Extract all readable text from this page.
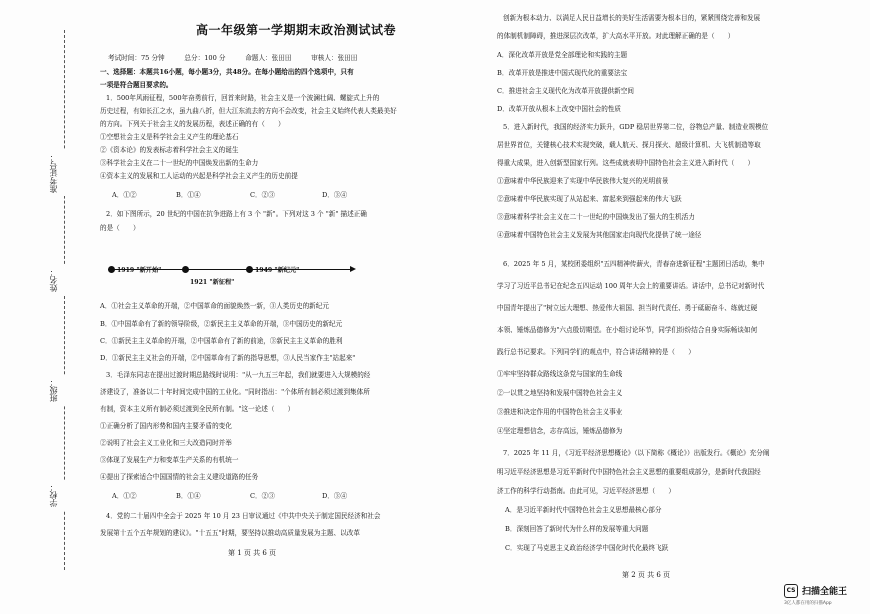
准考证号：
姓名：
班级：
学校：
高一年级第一学期期末政治测试试卷
考试时间：75 分钟　　　总分：100 分　　　命题人：张田田　　　审核人：张田田
一、选择题：本题共16小题，每小题3分，共48分。在每小题给出的四个选项中，只有
一项是符合题目要求的。
1．500年风雨征程，500年奋勇前行，回首来时路，社会主义是一个波澜壮阔、螺旋式上升的
历史过程，有如长江之水，虽九曲八折，但大江东流去的方向不会改变，社会主义始终代表人类最美好
的方向。下列关于社会主义的发展历程，表述正确的有（　　）
①空想社会主义是科学社会主义产生的理论基石
②《资本论》的发表标志着科学社会主义的诞生
③科学社会主义在二十一世纪的中国焕发出新的生命力
④资本主义的发展和工人运动的兴起是科学社会主义产生的历史前提
A．①②	B．①④	C．②③	D．③④
2．如下图所示，20 世纪的中国在抗争进路上有 3 个 "新"。下列对这 3 个 "新" 描述正确
的是（　　）
1919 "新开始"
1921 "新征程"
1949 "新纪元"
A．①社会主义革命的开端，②中国革命的面貌焕然一新，③人类历史的新纪元
B．①中国革命有了新的领导阶级，②新民主主义革命的开端，③中国历史的新纪元
C．①新民主主义革命的开端，②中国革命有了新的前途，③新民主主义革命的胜利
D．①新民主主义社会的开端，②中国革命有了新的指导思想，③人民当家作主"站起来"
3．毛泽东同志在提出过渡时期总路线时说明："从一九五三年起，我们就要进入大规模的经
济建设了，准备以二十年时间完成中国的工业化。"同时指出："个体所有制必须过渡到集体所
有制，资本主义所有制必须过渡到全民所有制。"这一论述（　　）
①正确分析了国内形势和国内主要矛盾的变化
②说明了社会主义工业化和三大改造同时并举
③体现了发展生产力和变革生产关系的有机统一
④提出了探索适合中国国情的社会主义建设道路的任务
A．①②	B．①④	C．②③	D．③④
4．党的二十届四中全会于 2025 年 10 月 23 日审议通过《中共中央关于制定国民经济和社会
发展第十五个五年规划的建议》。"十五五"时期，要坚持以推动高质量发展为主题、以改革
第 1 页 共 6 页
创新为根本动力、以满足人民日益增长的美好生活需要为根本目的，紧紧围绕完善和发展
的体制机制障碍，推进深层次改革，扩大高水平开放。对此理解正确的是（　　）
A．深化改革开放是党全部理论和实践的主题
B．改革开放是推进中国式现代化的重要法宝
C．推进社会主义现代化为改革开放提供新空间
D．改革开放从根本上改变中国社会的性质
5．进入新时代，我国的经济实力跃升，GDP 稳居世界第二位，谷物总产量、制造业规模位
居世界首位，关键核心技术实现突破，载人航天、探月探火、超级计算机、大飞机制造等取
得重大成果，进入创新型国家行列。这些成就表明中国特色社会主义进入新时代（　　）
①意味着中华民族迎来了实现中华民族伟大复兴的光明前景
②意味着中华民族实现了从站起来、富起来到强起来的伟大飞跃
③意味着科学社会主义在二十一世纪的中国焕发出了强大的生机活力
④意味着中国特色社会主义发展为其他国家走向现代化提供了统一途径
6．2025 年 5 月，某校团委组织"五四精神传薪火，青春奋进新征程"主题团日活动，集中
学习了习近平总书记在纪念五四运动 100 周年大会上的重要讲话。讲话中，总书记对新时代
中国青年提出了"树立远大理想、热爱伟大祖国、担当时代责任、勇于砥砺奋斗、练就过硬
本领、锤炼品德修为"六点殷切期望。在小组讨论环节，同学们纷纷结合自身实际畅谈如何
践行总书记要求。下列同学们的观点中，符合讲话精神的是（　　）
①牢牢坚持群众路线这条党与国家的生命线
②一以贯之地坚持和发展中国特色社会主义
③推进和决定作用的中国特色社会主义事业
④坚定理想信念，志存高远，锤炼品德修为
7．2025 年 11 月，《习近平经济思想概论》（以下简称《概论》）出版发行。《概论》充分阐
明习近平经济思想是习近平新时代中国特色社会主义思想的重要组成部分，是新时代我国经
济工作的科学行动指南。由此可见，习近平经济思想（　　）
A．是习近平新时代中国特色社会主义思想最核心部分
B．深刻回答了新时代为什么样的发展等重大问题
C．实现了马克思主义政治经济学中国化时代化最终飞跃
第 2 页 共 6 页
CS 扫描全能王
3亿人都在用的扫描App
